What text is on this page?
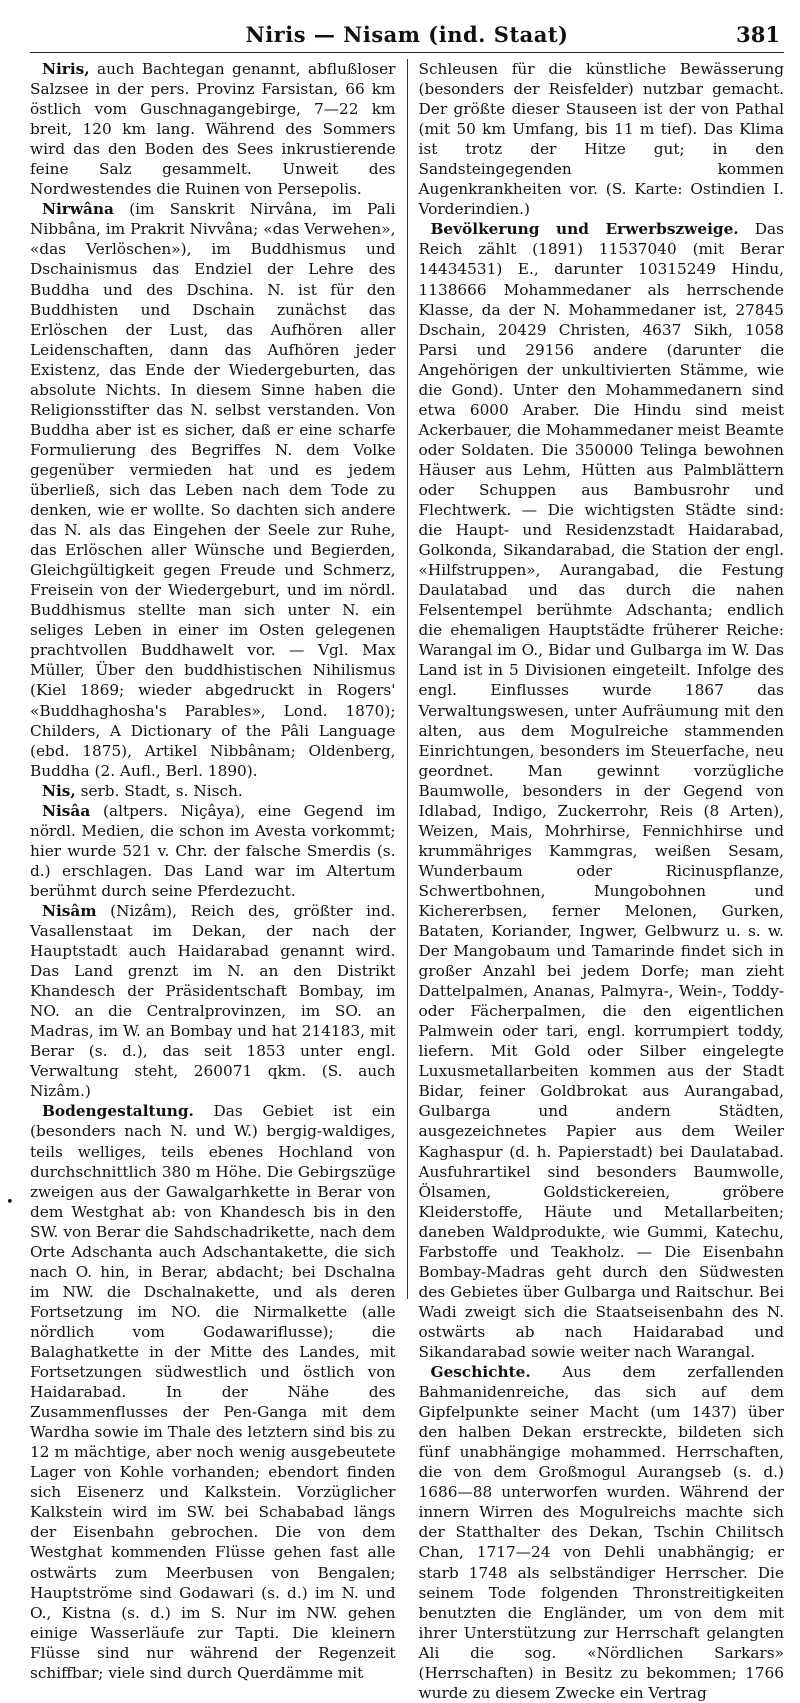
Niris — Nisam (ind. Staat)	381

Niris, auch Bachtegan genannt, abflußloser Salzsee in der pers. Provinz Farsistan, 66 km östlich vom Guschnagangebirge, 7—22 km breit, 120 km lang. Während des Sommers wird das den Boden des Sees inkrustierende feine Salz gesammelt. Unweit des Nordwestendes die Ruinen von Persepolis.

Nirwâna (im Sanskrit Nirvâna, im Pali Nibbâna, im Prakrit Nivvâna; «das Verwehen», «das Verlöschen»), im Buddhismus und Dschainismus das Endziel der Lehre des Buddha und des Dschina. N. ist für den Buddhisten und Dschain zunächst das Erlöschen der Lust, das Aufhören aller Leidenschaften, dann das Aufhören jeder Existenz, das Ende der Wiedergeburten, das absolute Nichts. In diesem Sinne haben die Religionsstifter das N. selbst verstanden. Von Buddha aber ist es sicher, daß er eine scharfe Formulierung des Begriffes N. dem Volke gegenüber vermieden hat und es jedem überließ, sich das Leben nach dem Tode zu denken, wie er wollte. So dachten sich andere das N. als das Eingehen der Seele zur Ruhe, das Erlöschen aller Wünsche und Begierden, Gleichgültigkeit gegen Freude und Schmerz, Freisein von der Wiedergeburt, und im nördl. Buddhismus stellte man sich unter N. ein seliges Leben in einer im Osten gelegenen prachtvollen Buddhawelt vor. — Vgl. Max Müller, Über den buddhistischen Nihilismus (Kiel 1869; wieder abgedruckt in Rogers' «Buddhaghosha's Parables», Lond. 1870); Childers, A Dictionary of the Pâli Language (ebd. 1875), Artikel Nibbânam; Oldenberg, Buddha (2. Aufl., Berl. 1890).

Nis, serb. Stadt, s. Nisch.

Nisâa (altpers. Niçâya), eine Gegend im nördl. Medien, die schon im Avesta vorkommt; hier wurde 521 v. Chr. der falsche Smerdis (s. d.) erschlagen. Das Land war im Altertum berühmt durch seine Pferdezucht.

Nisâm (Nizâm), Reich des, größter ind. Vasallenstaat im Dekan, der nach der Hauptstadt auch Haidarabad genannt wird. Das Land grenzt im N. an den Distrikt Khandesch der Präsidentschaft Bombay, im NO. an die Centralprovinzen, im SO. an Madras, im W. an Bombay und hat 214183, mit Berar (s. d.), das seit 1853 unter engl. Verwaltung steht, 260071 qkm. (S. auch Nizâm.)

Bodengestaltung. Das Gebiet ist ein (besonders nach N. und W.) bergig-waldiges, teils welliges, teils ebenes Hochland von durchschnittlich 380 m Höhe. Die Gebirgszüge zweigen aus der Gawalgarhkette in Berar von dem Westghat ab: von Khandesch bis in den SW. von Berar die Sahdschadrikette, nach dem Orte Adschanta auch Adschantakette, die sich nach O. hin, in Berar, abdacht; bei Dschalna im NW. die Dschalnakette, und als deren Fortsetzung im NO. die Nirmalkette (alle nördlich vom Godawariflusse); die Balaghatkette in der Mitte des Landes, mit Fortsetzungen südwestlich und östlich von Haidarabad. In der Nähe des Zusammenflusses der Pen-Ganga mit dem Wardha sowie im Thale des letztern sind bis zu 12 m mächtige, aber noch wenig ausgebeutete Lager von Kohle vorhanden; ebendort finden sich Eisenerz und Kalkstein. Vorzüglicher Kalkstein wird im SW. bei Schababad längs der Eisenbahn gebrochen. Die von dem Westghat kommenden Flüsse gehen fast alle ostwärts zum Meerbusen von Bengalen; Hauptströme sind Godawari (s. d.) im N. und O., Kistna (s. d.) im S. Nur im NW. gehen einige Wasserläufe zur Tapti. Die kleinern Flüsse sind nur während der Regenzeit schiffbar; viele sind durch Querdämme mit

Schleusen für die künstliche Bewässerung (besonders der Reisfelder) nutzbar gemacht. Der größte dieser Stauseen ist der von Pathal (mit 50 km Umfang, bis 11 m tief). Das Klima ist trotz der Hitze gut; in den Sandsteingegenden kommen Augenkrankheiten vor. (S. Karte: Ostindien I. Vorderindien.)

Bevölkerung und Erwerbszweige. Das Reich zählt (1891) 11537040 (mit Berar 14434531) E., darunter 10315249 Hindu, 1138666 Mohammedaner als herrschende Klasse, da der N. Mohammedaner ist, 27845 Dschain, 20429 Christen, 4637 Sikh, 1058 Parsi und 29156 andere (darunter die Angehörigen der unkultivierten Stämme, wie die Gond). Unter den Mohammedanern sind etwa 6000 Araber. Die Hindu sind meist Ackerbauer, die Mohammedaner meist Beamte oder Soldaten. Die 350000 Telinga bewohnen Häuser aus Lehm, Hütten aus Palmblättern oder Schuppen aus Bambusrohr und Flechtwerk. — Die wichtigsten Städte sind: die Haupt- und Residenzstadt Haidarabad, Golkonda, Sikandarabad, die Station der engl. «Hilfstruppen», Aurangabad, die Festung Daulatabad und das durch die nahen Felsentempel berühmte Adschanta; endlich die ehemaligen Hauptstädte früherer Reiche: Warangal im O., Bidar und Gulbarga im W. Das Land ist in 5 Divisionen eingeteilt. Infolge des engl. Einflusses wurde 1867 das Verwaltungswesen, unter Aufräumung mit den alten, aus dem Mogulreiche stammenden Einrichtungen, besonders im Steuerfache, neu geordnet. Man gewinnt vorzügliche Baumwolle, besonders in der Gegend von Idlabad, Indigo, Zuckerrohr, Reis (8 Arten), Weizen, Mais, Mohrhirse, Fennichhirse und krummähriges Kammgras, weißen Sesam, Wunderbaum oder Ricinuspflanze, Schwertbohnen, Mungobohnen und Kichererbsen, ferner Melonen, Gurken, Bataten, Koriander, Ingwer, Gelbwurz u. s. w. Der Mangobaum und Tamarinde findet sich in großer Anzahl bei jedem Dorfe; man zieht Dattelpalmen, Ananas, Palmyra-, Wein-, Toddy- oder Fächerpalmen, die den eigentlichen Palmwein oder tari, engl. korrumpiert toddy, liefern. Mit Gold oder Silber eingelegte Luxusmetallarbeiten kommen aus der Stadt Bidar, feiner Goldbrokat aus Aurangabad, Gulbarga und andern Städten, ausgezeichnetes Papier aus dem Weiler Kaghaspur (d. h. Papierstadt) bei Daulatabad. Ausfuhrartikel sind besonders Baumwolle, Ölsamen, Goldstickereien, gröbere Kleiderstoffe, Häute und Metallarbeiten; daneben Waldprodukte, wie Gummi, Katechu, Farbstoffe und Teakholz. — Die Eisenbahn Bombay-Madras geht durch den Südwesten des Gebietes über Gulbarga und Raitschur. Bei Wadi zweigt sich die Staatseisenbahn des N. ostwärts ab nach Haidarabad und Sikandarabad sowie weiter nach Warangal.

Geschichte. Aus dem zerfallenden Bahmanidenreiche, das sich auf dem Gipfelpunkte seiner Macht (um 1437) über den halben Dekan erstreckte, bildeten sich fünf unabhängige mohammed. Herrschaften, die von dem Großmogul Aurangseb (s. d.) 1686—88 unterworfen wurden. Während der innern Wirren des Mogulreichs machte sich der Statthalter des Dekan, Tschin Chilitsch Chan, 1717—24 von Dehli unabhängig; er starb 1748 als selbständiger Herrscher. Die seinem Tode folgenden Thronstreitigkeiten benutzten die Engländer, um von dem mit ihrer Unterstützung zur Herrschaft gelangten Ali die sog. «Nördlichen Sarkars» (Herrschaften) in Besitz zu bekommen; 1766 wurde zu diesem Zwecke ein Vertrag

•
